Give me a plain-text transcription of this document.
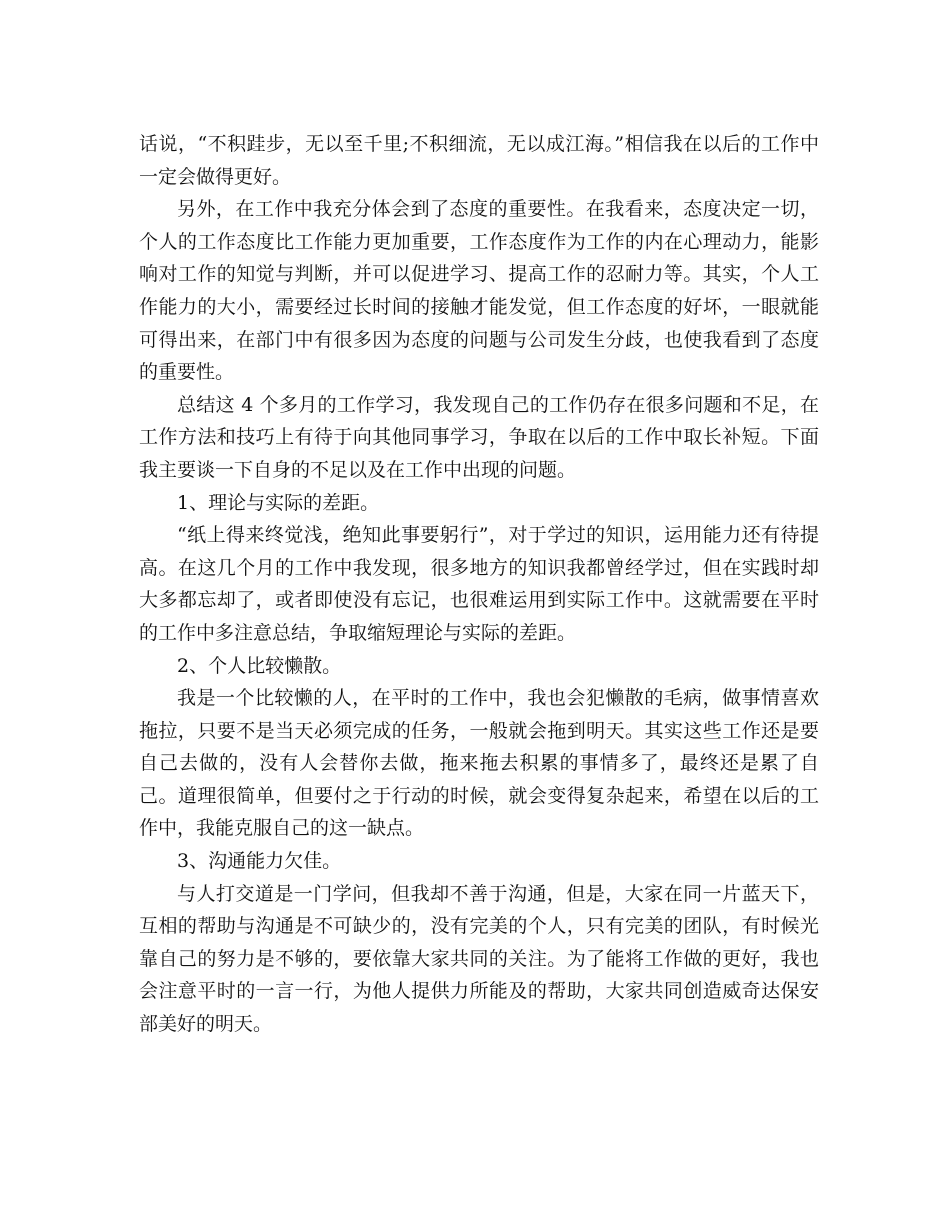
话说，“不积跬步，无以至千里;不积细流，无以成江海。”相信我在以后的工作中一定会做得更好。

另外，在工作中我充分体会到了态度的重要性。在我看来，态度决定一切，个人的工作态度比工作能力更加重要，工作态度作为工作的内在心理动力，能影响对工作的知觉与判断，并可以促进学习、提高工作的忍耐力等。其实，个人工作能力的大小，需要经过长时间的接触才能发觉，但工作态度的好坏，一眼就能可得出来，在部门中有很多因为态度的问题与公司发生分歧，也使我看到了态度的重要性。

总结这 4 个多月的工作学习，我发现自己的工作仍存在很多问题和不足，在工作方法和技巧上有待于向其他同事学习，争取在以后的工作中取长补短。下面我主要谈一下自身的不足以及在工作中出现的问题。

1、理论与实际的差距。

“纸上得来终觉浅，绝知此事要躬行”，对于学过的知识，运用能力还有待提高。在这几个月的工作中我发现，很多地方的知识我都曾经学过，但在实践时却大多都忘却了，或者即使没有忘记，也很难运用到实际工作中。这就需要在平时的工作中多注意总结，争取缩短理论与实际的差距。

2、个人比较懒散。

我是一个比较懒的人，在平时的工作中，我也会犯懒散的毛病，做事情喜欢拖拉，只要不是当天必须完成的任务，一般就会拖到明天。其实这些工作还是要自己去做的，没有人会替你去做，拖来拖去积累的事情多了，最终还是累了自己。道理很简单，但要付之于行动的时候，就会变得复杂起来，希望在以后的工作中，我能克服自己的这一缺点。

3、沟通能力欠佳。

与人打交道是一门学问，但我却不善于沟通，但是，大家在同一片蓝天下，互相的帮助与沟通是不可缺少的，没有完美的个人，只有完美的团队，有时候光靠自己的努力是不够的，要依靠大家共同的关注。为了能将工作做的更好，我也会注意平时的一言一行，为他人提供力所能及的帮助，大家共同创造威奇达保安部美好的明天。
